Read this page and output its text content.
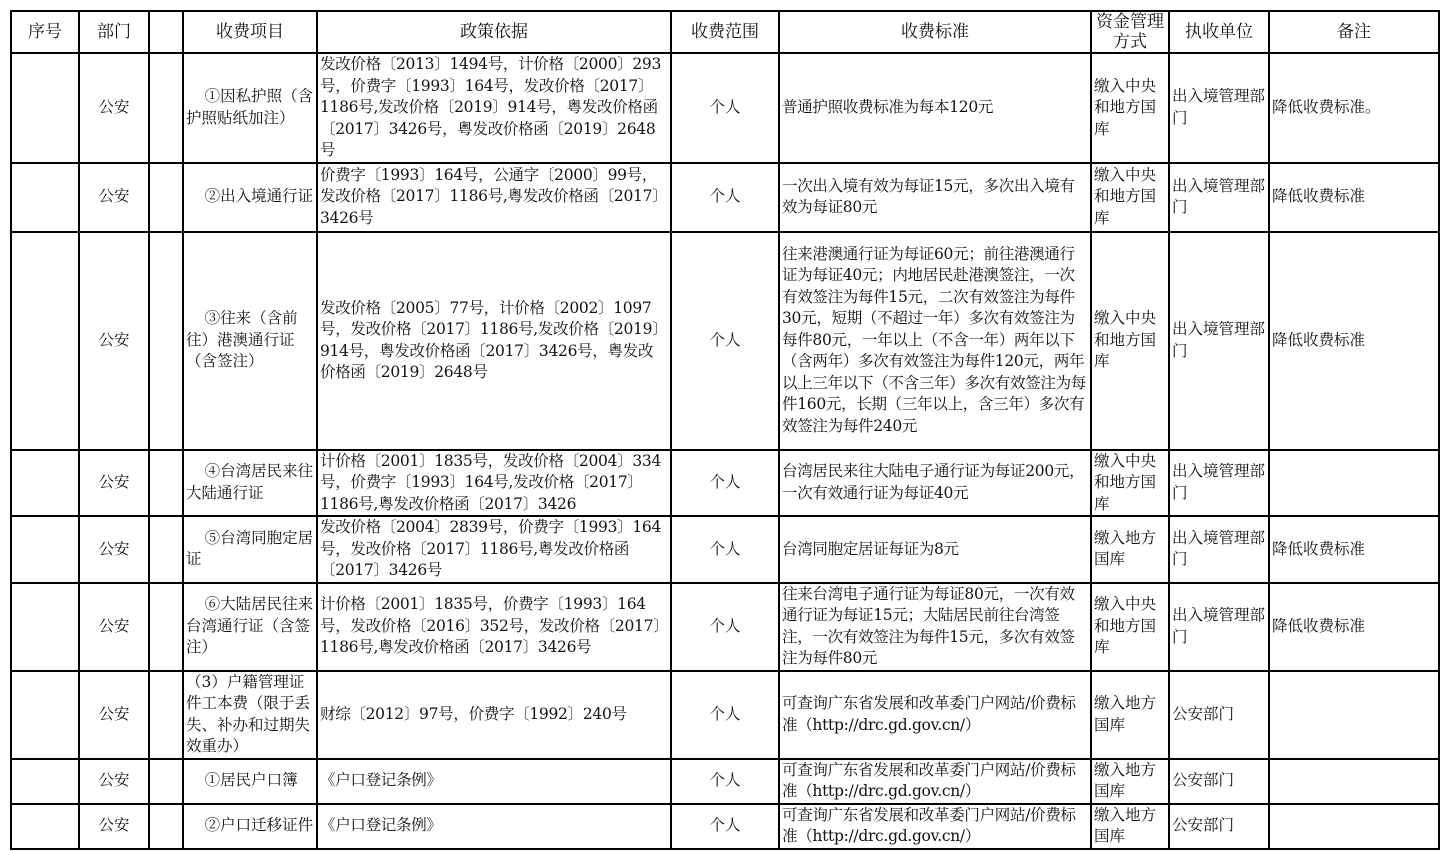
序号	部门		收费项目	政策依据	收费范围	收费标准	资金管理方式	执收单位	备注
	公安		①因私护照（含护照贴纸加注）	发改价格〔2013〕1494号，计价格〔2000〕293号，价费字〔1993〕164号，发改价格〔2017〕1186号,发改价格〔2019〕914号，粤发改价格函〔2017〕3426号，粤发改价格函〔2019〕2648号	个人	普通护照收费标准为每本120元	缴入中央和地方国库	出入境管理部门	降低收费标准。
	公安		②出入境通行证	价费字〔1993〕164号，公通字〔2000〕99号，发改价格〔2017〕1186号,粤发改价格函〔2017〕3426号	个人	一次出入境有效为每证15元，多次出入境有效为每证80元	缴入中央和地方国库	出入境管理部门	降低收费标准
	公安		③往来（含前往）港澳通行证（含签注）	发改价格〔2005〕77号，计价格〔2002〕1097号，发改价格〔2017〕1186号,发改价格〔2019〕914号，粤发改价格函〔2017〕3426号，粤发改价格函〔2019〕2648号	个人	往来港澳通行证为每证60元；前往港澳通行证为每证40元；内地居民赴港澳签注，一次有效签注为每件15元，二次有效签注为每件30元，短期（不超过一年）多次有效签注为每件80元，一年以上（不含一年）两年以下（含两年）多次有效签注为每件120元，两年以上三年以下（不含三年）多次有效签注为每件160元，长期（三年以上，含三年）多次有效签注为每件240元	缴入中央和地方国库	出入境管理部门	降低收费标准
	公安		④台湾居民来往大陆通行证	计价格〔2001〕1835号，发改价格〔2004〕334号，价费字〔1993〕164号,发改价格〔2017〕1186号,粤发改价格函〔2017〕3426	个人	台湾居民来往大陆电子通行证为每证200元，一次有效通行证为每证40元	缴入中央和地方国库	出入境管理部门	
	公安		⑤台湾同胞定居证	发改价格〔2004〕2839号，价费字〔1993〕164号，发改价格〔2017〕1186号,粤发改价格函〔2017〕3426号	个人	台湾同胞定居证每证为8元	缴入地方国库	出入境管理部门	降低收费标准
	公安		⑥大陆居民往来台湾通行证（含签注）	计价格〔2001〕1835号，价费字〔1993〕164号，发改价格〔2016〕352号，发改价格〔2017〕1186号,粤发改价格函〔2017〕3426号	个人	往来台湾电子通行证为每证80元，一次有效通行证为每证15元；大陆居民前往台湾签注，一次有效签注为每件15元，多次有效签注为每件80元	缴入中央和地方国库	出入境管理部门	降低收费标准
	公安		（3）户籍管理证件工本费（限于丢失、补办和过期失效重办）	财综〔2012〕97号，价费字〔1992〕240号	个人	可查询广东省发展和改革委门户网站/价费标准（http://drc.gd.gov.cn/）	缴入地方国库	公安部门	
	公安		①居民户口簿	《户口登记条例》	个人	可查询广东省发展和改革委门户网站/价费标准（http://drc.gd.gov.cn/）	缴入地方国库	公安部门	
	公安		②户口迁移证件	《户口登记条例》	个人	可查询广东省发展和改革委门户网站/价费标准（http://drc.gd.gov.cn/）	缴入地方国库	公安部门	
